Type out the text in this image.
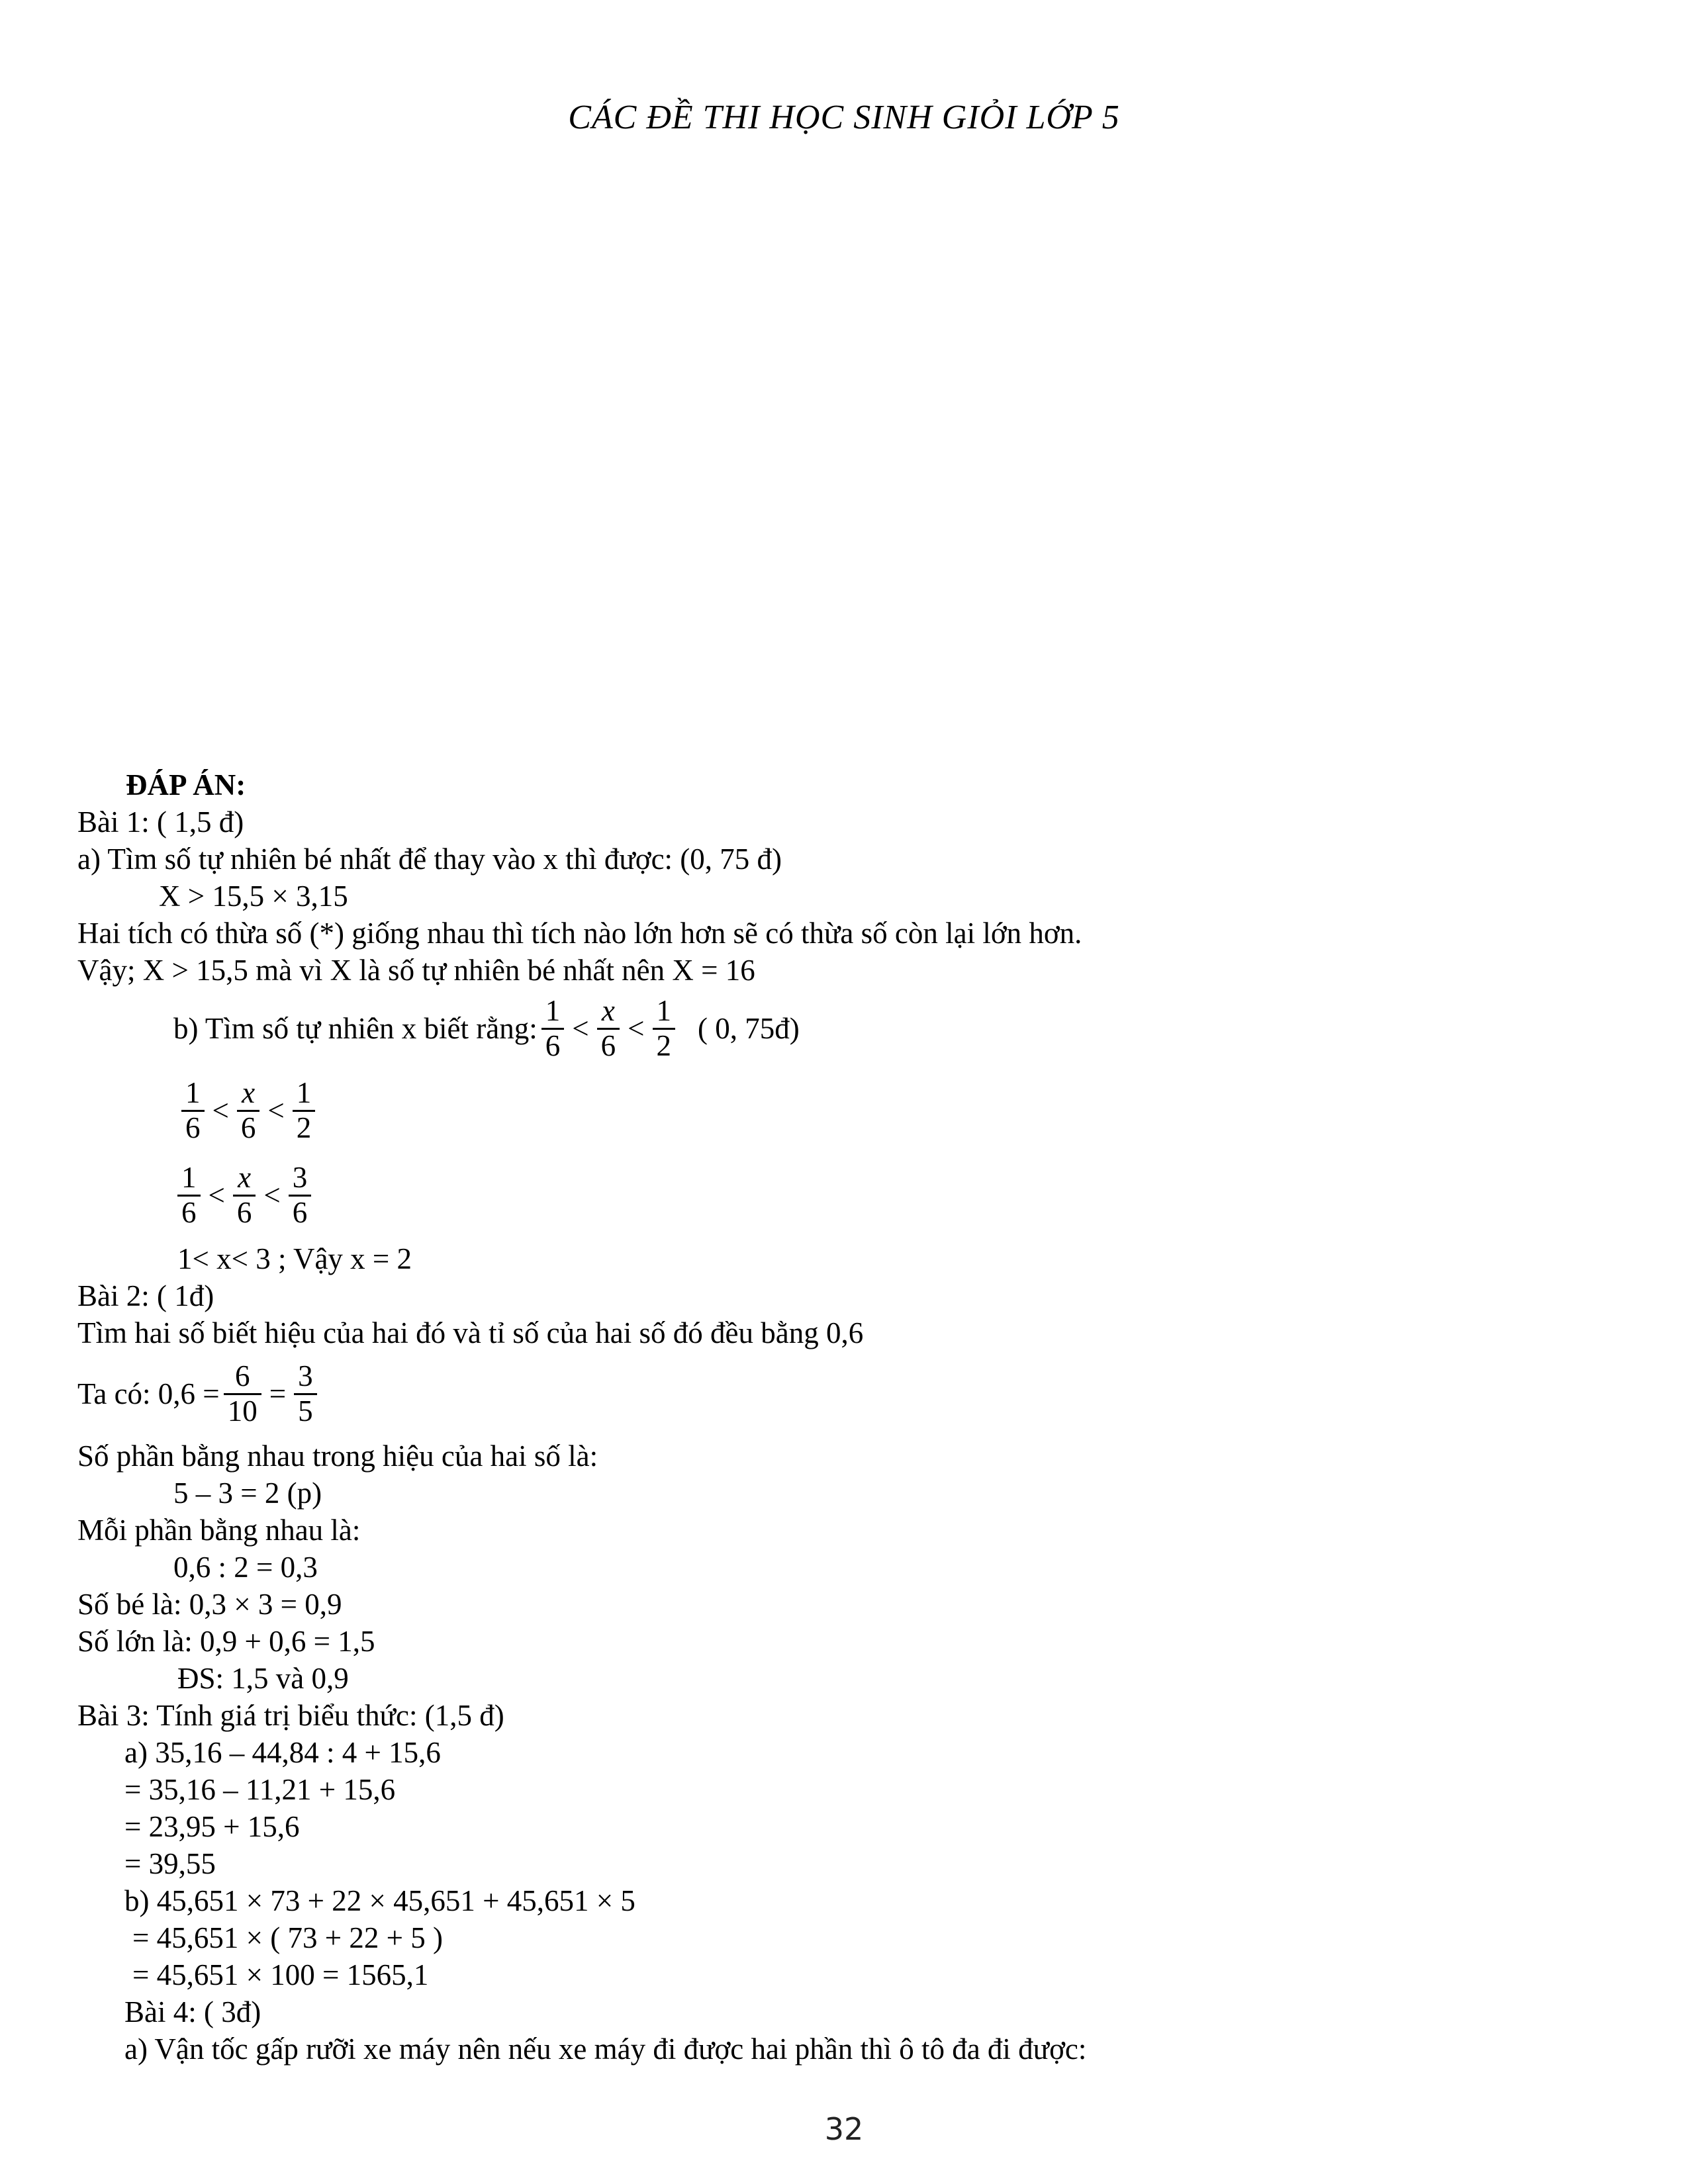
CÁC ĐỀ THI HỌC SINH GIỎI LỚP 5
ĐÁP ÁN:
Bài 1: ( 1,5 đ)
a) Tìm số tự nhiên bé nhất để thay vào x thì được: (0, 75 đ)
X > 15,5 × 3,15
Hai tích có thừa số (*) giống nhau thì tích nào lớn hơn sẽ có thừa số còn lại lớn hơn.
Vậy; X > 15,5 mà vì X là số tự nhiên bé nhất nên X = 16
b) Tìm số tự nhiên x biết rằng: $\frac{1}{6} < \frac{x}{6} < \frac{1}{2}$ ( 0, 75đ)
$\frac{1}{6} < \frac{x}{6} < \frac{1}{2}$
$\frac{1}{6} < \frac{x}{6} < \frac{3}{6}$
1< x< 3 ; Vậy x = 2
Bài 2: ( 1đ)
Tìm hai số biết hiệu của hai đó và tỉ số của hai số đó đều bằng 0,6
Ta có: $0,6 = \frac{6}{10} = \frac{3}{5}$
Số phần bằng nhau trong hiệu của hai số là:
5 – 3 = 2 (p)
Mỗi phần bằng nhau là:
0,6 : 2 = 0,3
Số bé là: 0,3 × 3 = 0,9
Số lớn là: 0,9 + 0,6 = 1,5
ĐS: 1,5 và 0,9
Bài 3: Tính giá trị biểu thức: (1,5 đ)
a) 35,16 – 44,84 : 4 + 15,6
= 35,16 – 11,21 + 15,6
= 23,95 + 15,6
= 39,55
b) 45,651 × 73 + 22 × 45,651 + 45,651 × 5
= 45,651 × ( 73 + 22 + 5 )
= 45,651 × 100 = 1565,1
Bài 4: ( 3đ)
a) Vận tốc gấp rưỡi xe máy nên nếu xe máy đi được hai phần thì ô tô đa đi được:
32
